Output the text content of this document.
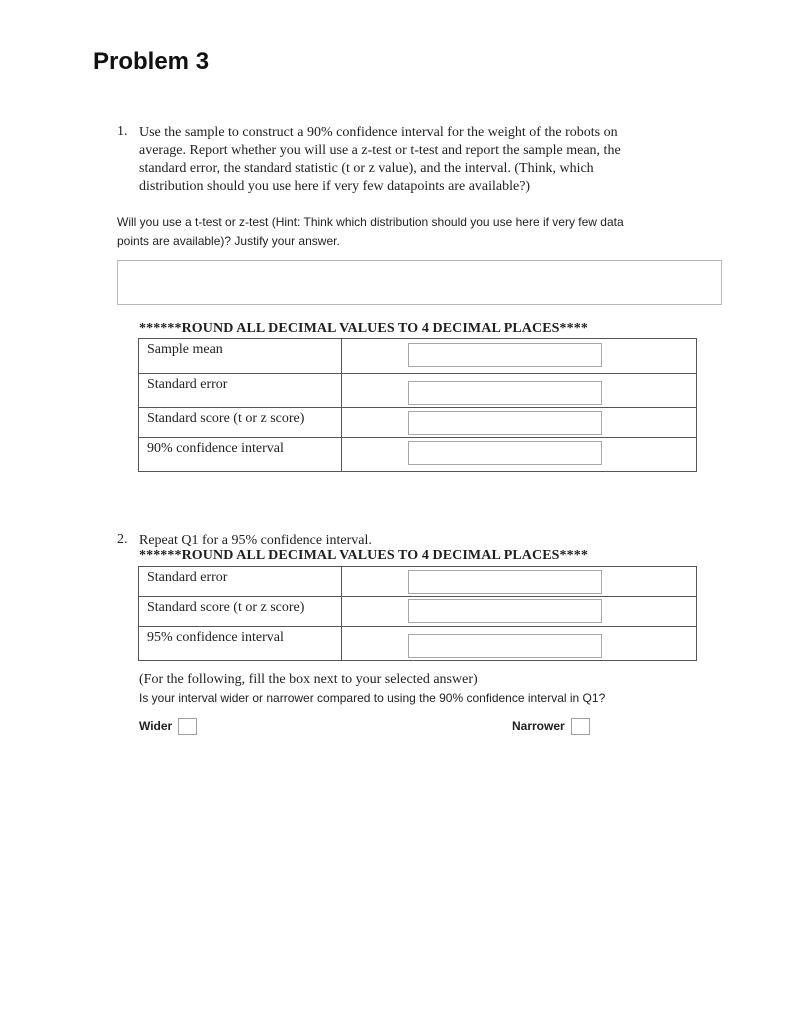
Problem 3
1. Use the sample to construct a 90% confidence interval for the weight of the robots on
average. Report whether you will use a z-test or t-test and report the sample mean, the
standard error, the standard statistic (t or z value), and the interval. (Think, which
distribution should you use here if very few datapoints are available?)
Will you use a t-test or z-test (Hint: Think which distribution should you use here if very few data
points are available)? Justify your answer.
******ROUND ALL DECIMAL VALUES TO 4 DECIMAL PLACES****
Sample mean	

Standard error	

Standard score (t or z score)	

90% confidence interval	
2. Repeat Q1 for a 95% confidence interval.
******ROUND ALL DECIMAL VALUES TO 4 DECIMAL PLACES****
Standard error	

Standard score (t or z score)	

95% confidence interval	
(For the following, fill the box next to your selected answer)
Is your interval wider or narrower compared to using the 90% confidence interval in Q1?
Wider	Narrower
